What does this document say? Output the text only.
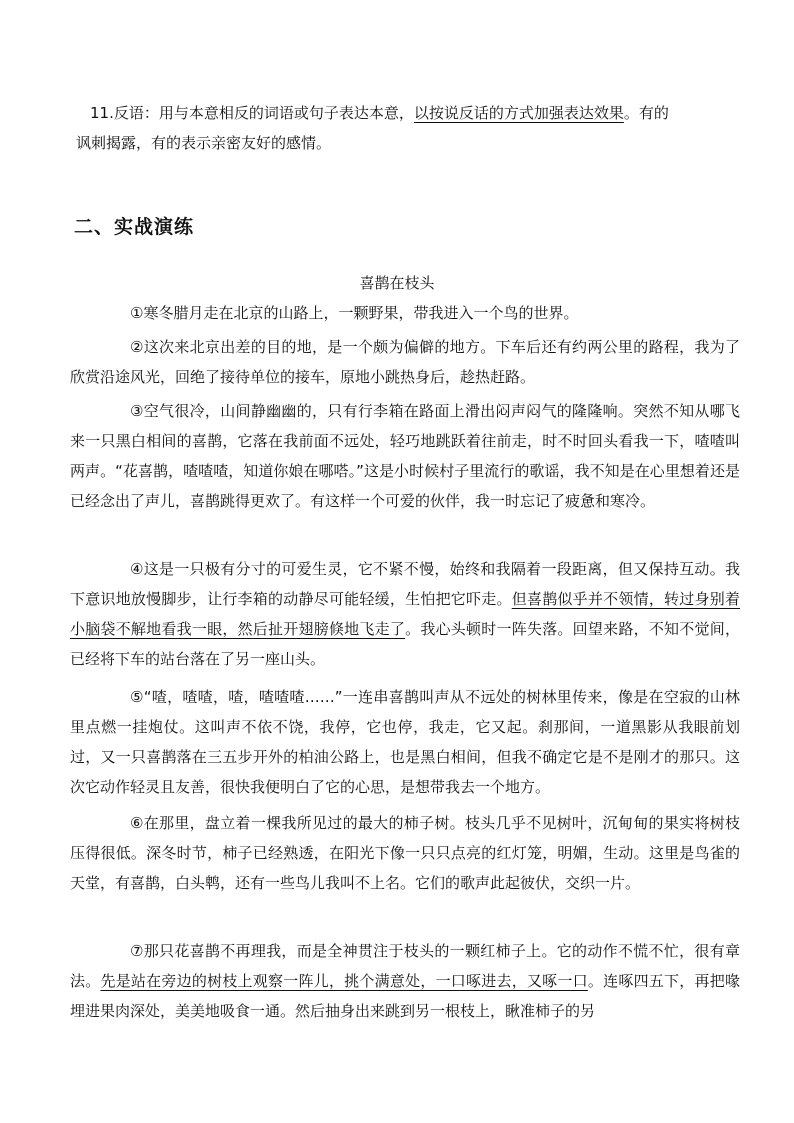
11.反语：用与本意相反的词语或句子表达本意，以按说反话的方式加强表达效果。有的
讽刺揭露，有的表示亲密友好的感情。

二、实战演练

喜鹊在枝头

①寒冬腊月走在北京的山路上，一颗野果，带我进入一个鸟的世界。

②这次来北京出差的目的地，是一个颇为偏僻的地方。下车后还有约两公里的路程，我为了欣赏沿途风光，回绝了接待单位的接车，原地小跳热身后，趁热赶路。

③空气很冷，山间静幽幽的，只有行李箱在路面上滑出闷声闷气的隆隆响。突然不知从哪飞来一只黑白相间的喜鹊，它落在我前面不远处，轻巧地跳跃着往前走，时不时回头看我一下，喳喳叫两声。“花喜鹊，喳喳喳，知道你娘在哪嗒。”这是小时候村子里流行的歌谣，我不知是在心里想着还是已经念出了声儿，喜鹊跳得更欢了。有这样一个可爱的伙伴，我一时忘记了疲惫和寒冷。

④这是一只极有分寸的可爱生灵，它不紧不慢，始终和我隔着一段距离，但又保持互动。我下意识地放慢脚步，让行李箱的动静尽可能轻缓，生怕把它吓走。但喜鹊似乎并不领情，转过身别着小脑袋不解地看我一眼，然后扯开翅膀倏地飞走了。我心头顿时一阵失落。回望来路，不知不觉间，已经将下车的站台落在了另一座山头。

⑤“喳，喳喳，喳，喳喳喳……”一连串喜鹊叫声从不远处的树林里传来，像是在空寂的山林里点燃一挂炮仗。这叫声不依不饶，我停，它也停，我走，它又起。刹那间，一道黑影从我眼前划过，又一只喜鹊落在三五步开外的柏油公路上，也是黑白相间，但我不确定它是不是刚才的那只。这次它动作轻灵且友善，很快我便明白了它的心思，是想带我去一个地方。

⑥在那里，盘立着一棵我所见过的最大的柿子树。枝头几乎不见树叶，沉甸甸的果实将树枝压得很低。深冬时节，柿子已经熟透，在阳光下像一只只点亮的红灯笼，明媚，生动。这里是鸟雀的天堂，有喜鹊，白头鹎，还有一些鸟儿我叫不上名。它们的歌声此起彼伏，交织一片。

⑦那只花喜鹊不再理我，而是全神贯注于枝头的一颗红柿子上。它的动作不慌不忙，很有章法。先是站在旁边的树枝上观察一阵儿，挑个满意处，一口啄进去，又啄一口。连啄四五下，再把喙埋进果肉深处，美美地吸食一通。然后抽身出来跳到另一根枝上，瞅准柿子的另
